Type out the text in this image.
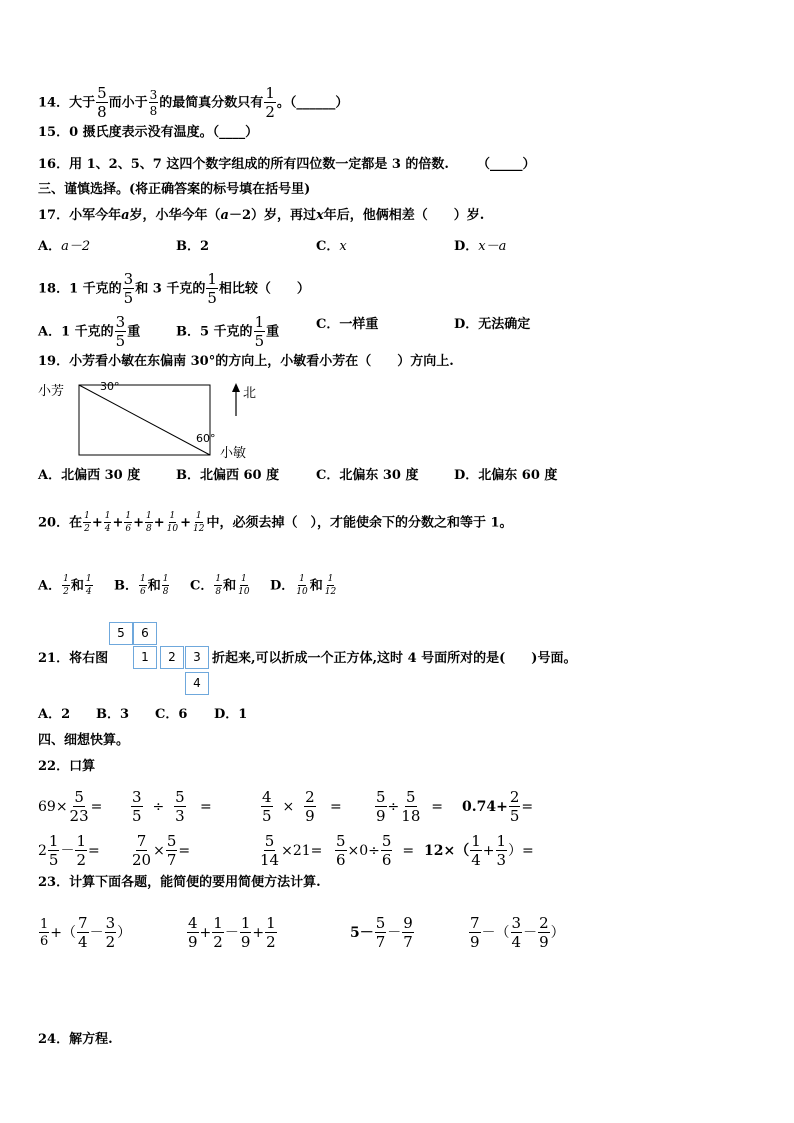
14．大于 $\frac{5}{8}$ 而小于 $\frac{3}{8}$ 的最简真分数只有 $\frac{1}{2}$ 。（______）
15．0 摄氏度表示没有温度。（____）
16．用 1、2、5、7 这四个数字组成的所有四位数一定都是 3 的倍数. （_____）
三、谨慎选择。(将正确答案的标号填在括号里)
17．小军今年a岁，小华今年（a－2）岁，再过x年后，他俩相差（　　）岁.
A．a－2	B．2	C．x	D．x－a
18．1 千克的 $\frac{3}{5}$ 和 3 千克的 $\frac{1}{5}$ 相比较（　　）
A．1 千克的 $\frac{3}{5}$ 重	B．5 千克的 $\frac{1}{5}$ 重	C．一样重	D．无法确定
19．小芳看小敏在东偏南 30°的方向上，小敏看小芳在（　　）方向上.
小芳
小敏
30°
60°
北
A．北偏西 30 度	B．北偏西 60 度	C．北偏东 30 度	D．北偏东 60 度
20．在 $\frac{1}{2} + \frac{1}{4} + \frac{1}{6} + \frac{1}{8} + \frac{1}{10} + \frac{1}{12}$ 中，必须去掉（　），才能使余下的分数之和等于 1。
A． $\frac{1}{2}$ 和 $\frac{1}{4}$ B． $\frac{1}{6}$ 和 $\frac{1}{8}$ C． $\frac{1}{8}$ 和 $\frac{1}{10}$ D． $\frac{1}{10}$ 和 $\frac{1}{12}$
21．将右图
5	6
1	2	3
4
折起来,可以折成一个正方体,这时 4 号面所对的是(　　)号面。
A．2 B．3 C．6 D．1
四、细想快算。
22．口算
$69\times \frac{5}{23} = \frac{3}{5} \div \frac{5}{3}$ =	$\frac{4}{5} \times \frac{2}{9} = \frac{5}{9} \div \frac{5}{18} = 0.74+ \frac{2}{5}$ =
$2 \frac{1}{5} - \frac{1}{2} = \frac{7}{20} \times \frac{5}{7}$ =	$\frac{5}{14} \times 21= \frac{5}{6} \times 0\div \frac{5}{6} = 12\times( \frac{1}{4} + \frac{1}{3}$ ）=
23．计算下面各题，能简便的要用简便方法计算.
$\frac{1}{6}$ +（ $\frac{7}{4} - \frac{3}{2}$ ）	$\frac{4}{9} + \frac{1}{2} - \frac{1}{9} + \frac{1}{2}$	$5- \frac{5}{7} - \frac{9}{7}$	$\frac{7}{9}$ －（ $\frac{3}{4} - \frac{2}{9}$ ）
24．解方程.
